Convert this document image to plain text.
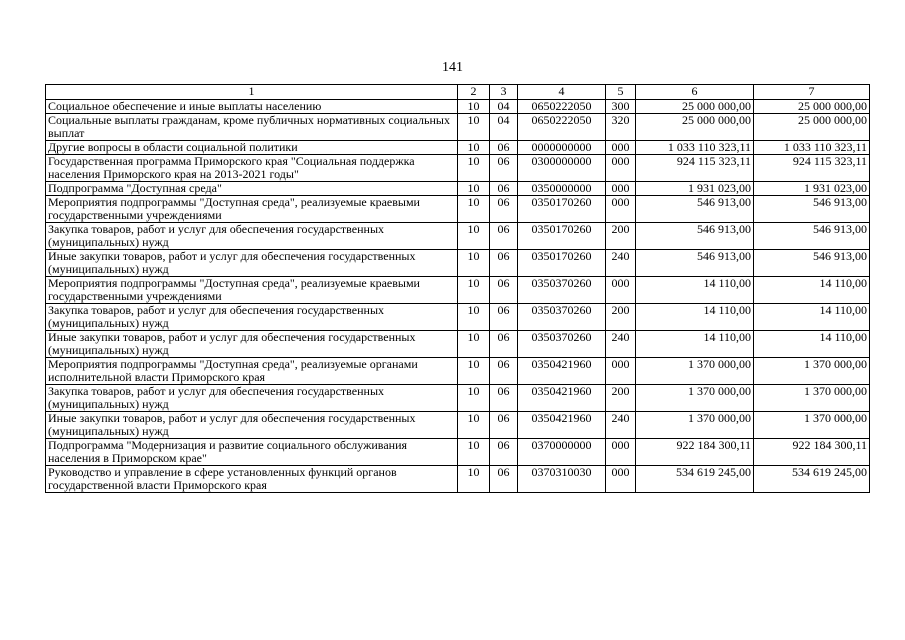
141
1	2	3	4	5	6	7
Социальное обеспечение и иные выплаты населению	10	04	0650222050	300	25 000 000,00	25 000 000,00
Социальные выплаты гражданам, кроме публичных нормативных социальных выплат	10	04	0650222050	320	25 000 000,00	25 000 000,00
Другие вопросы в области социальной политики	10	06	0000000000	000	1 033 110 323,11	1 033 110 323,11
Государственная программа Приморского края "Социальная поддержка населения Приморского края на 2013-2021 годы"	10	06	0300000000	000	924 115 323,11	924 115 323,11
Подпрограмма "Доступная среда"	10	06	0350000000	000	1 931 023,00	1 931 023,00
Мероприятия подпрограммы "Доступная среда", реализуемые краевыми государственными учреждениями	10	06	0350170260	000	546 913,00	546 913,00
Закупка товаров, работ и услуг для обеспечения государственных (муниципальных) нужд	10	06	0350170260	200	546 913,00	546 913,00
Иные закупки товаров, работ и услуг для обеспечения государственных (муниципальных) нужд	10	06	0350170260	240	546 913,00	546 913,00
Мероприятия подпрограммы "Доступная среда", реализуемые краевыми государственными учреждениями	10	06	0350370260	000	14 110,00	14 110,00
Закупка товаров, работ и услуг для обеспечения государственных (муниципальных) нужд	10	06	0350370260	200	14 110,00	14 110,00
Иные закупки товаров, работ и услуг для обеспечения государственных (муниципальных) нужд	10	06	0350370260	240	14 110,00	14 110,00
Мероприятия подпрограммы "Доступная среда", реализуемые органами исполнительной власти Приморского края	10	06	0350421960	000	1 370 000,00	1 370 000,00
Закупка товаров, работ и услуг для обеспечения государственных (муниципальных) нужд	10	06	0350421960	200	1 370 000,00	1 370 000,00
Иные закупки товаров, работ и услуг для обеспечения государственных (муниципальных) нужд	10	06	0350421960	240	1 370 000,00	1 370 000,00
Подпрограмма "Модернизация и развитие социального обслуживания населения в Приморском крае"	10	06	0370000000	000	922 184 300,11	922 184 300,11
Руководство и управление в сфере установленных функций органов государственной власти Приморского края	10	06	0370310030	000	534 619 245,00	534 619 245,00
